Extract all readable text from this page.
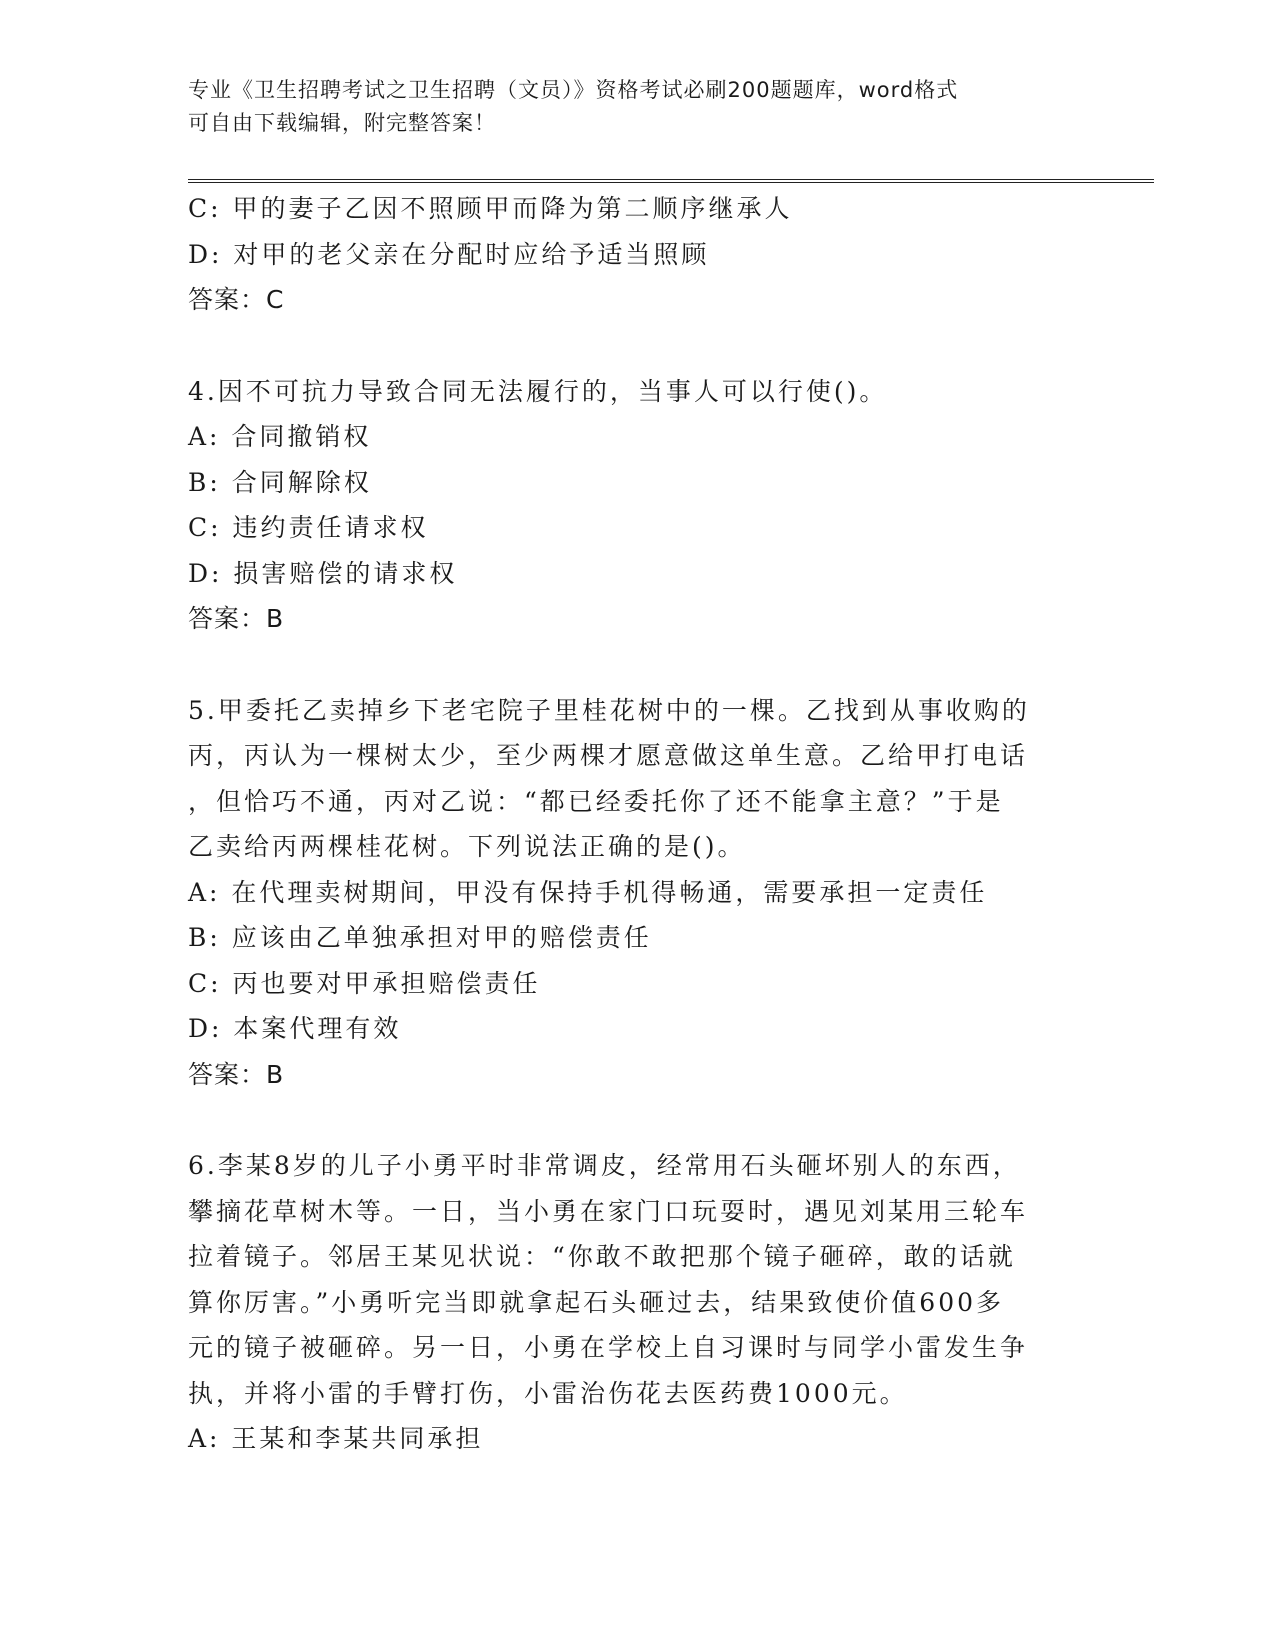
专业《卫生招聘考试之卫生招聘（文员）》资格考试必刷200题题库，word格式
可自由下载编辑，附完整答案！
C: 甲的妻子乙因不照顾甲而降为第二顺序继承人
D: 对甲的老父亲在分配时应给予适当照顾
答案：C
4.因不可抗力导致合同无法履行的，当事人可以行使()。
A: 合同撤销权
B: 合同解除权
C: 违约责任请求权
D: 损害赔偿的请求权
答案：B
5.甲委托乙卖掉乡下老宅院子里桂花树中的一棵。乙找到从事收购的
丙，丙认为一棵树太少，至少两棵才愿意做这单生意。乙给甲打电话
，但恰巧不通，丙对乙说：“都已经委托你了还不能拿主意？”于是
乙卖给丙两棵桂花树。下列说法正确的是()。
A: 在代理卖树期间，甲没有保持手机得畅通，需要承担一定责任
B: 应该由乙单独承担对甲的赔偿责任
C: 丙也要对甲承担赔偿责任
D: 本案代理有效
答案：B
6.李某8岁的儿子小勇平时非常调皮，经常用石头砸坏别人的东西，
攀摘花草树木等。一日，当小勇在家门口玩耍时，遇见刘某用三轮车
拉着镜子。邻居王某见状说：“你敢不敢把那个镜子砸碎，敢的话就
算你厉害。”小勇听完当即就拿起石头砸过去，结果致使价值600多
元的镜子被砸碎。另一日，小勇在学校上自习课时与同学小雷发生争
执，并将小雷的手臂打伤，小雷治伤花去医药费1000元。
A: 王某和李某共同承担
